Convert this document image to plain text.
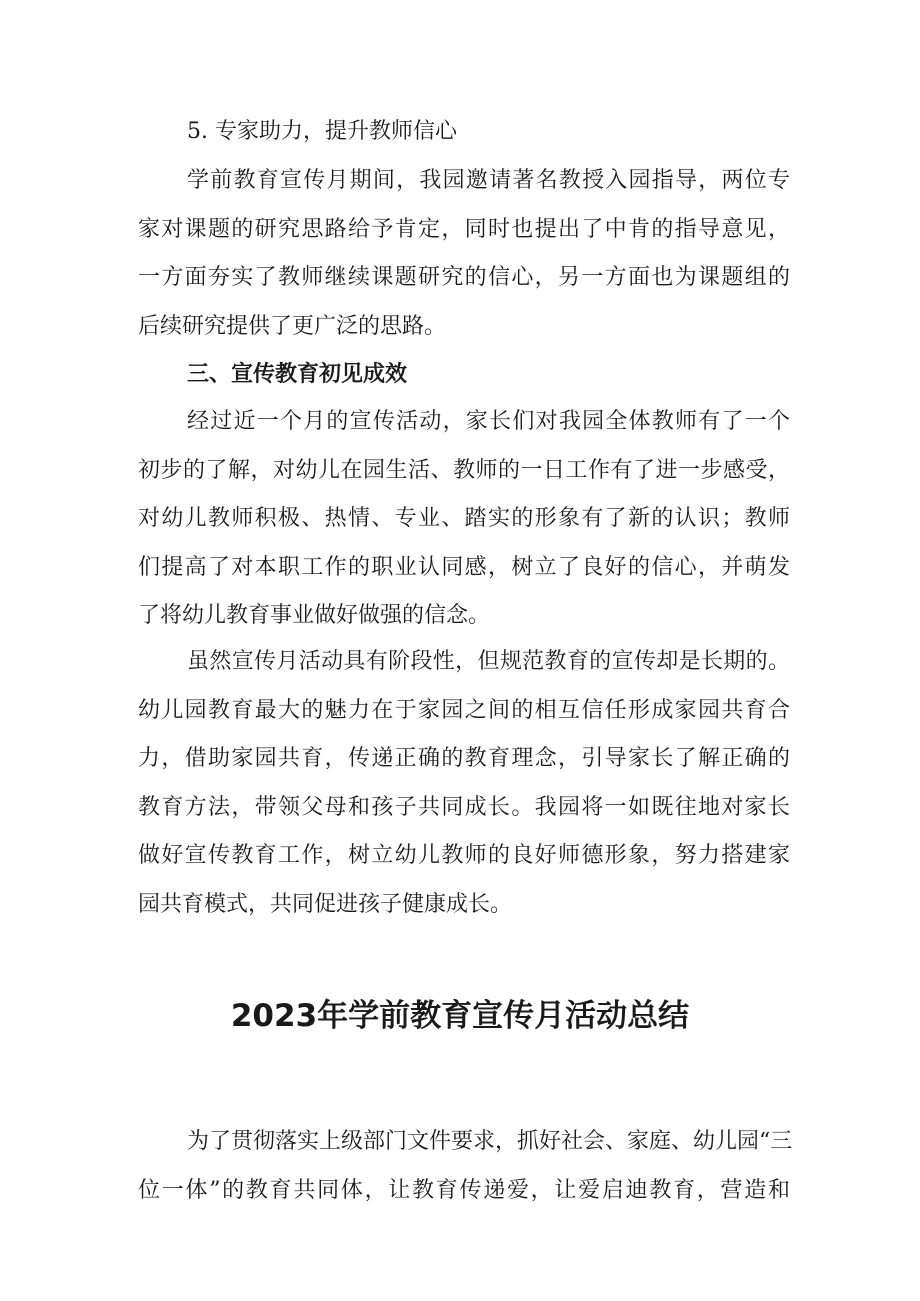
5. 专家助力，提升教师信心

学前教育宣传月期间，我园邀请著名教授入园指导，两位专
家对课题的研究思路给予肯定，同时也提出了中肯的指导意见，
一方面夯实了教师继续课题研究的信心，另一方面也为课题组的
后续研究提供了更广泛的思路。

三、宣传教育初见成效

经过近一个月的宣传活动，家长们对我园全体教师有了一个
初步的了解，对幼儿在园生活、教师的一日工作有了进一步感受，
对幼儿教师积极、热情、专业、踏实的形象有了新的认识；教师
们提高了对本职工作的职业认同感，树立了良好的信心，并萌发
了将幼儿教育事业做好做强的信念。

虽然宣传月活动具有阶段性，但规范教育的宣传却是长期的。
幼儿园教育最大的魅力在于家园之间的相互信任形成家园共育合
力，借助家园共育，传递正确的教育理念，引导家长了解正确的
教育方法，带领父母和孩子共同成长。我园将一如既往地对家长
做好宣传教育工作，树立幼儿教师的良好师德形象，努力搭建家
园共育模式，共同促进孩子健康成长。

2023年学前教育宣传月活动总结

为了贯彻落实上级部门文件要求，抓好社会、家庭、幼儿园“三
位一体”的教育共同体，让教育传递爱，让爱启迪教育，营造和
